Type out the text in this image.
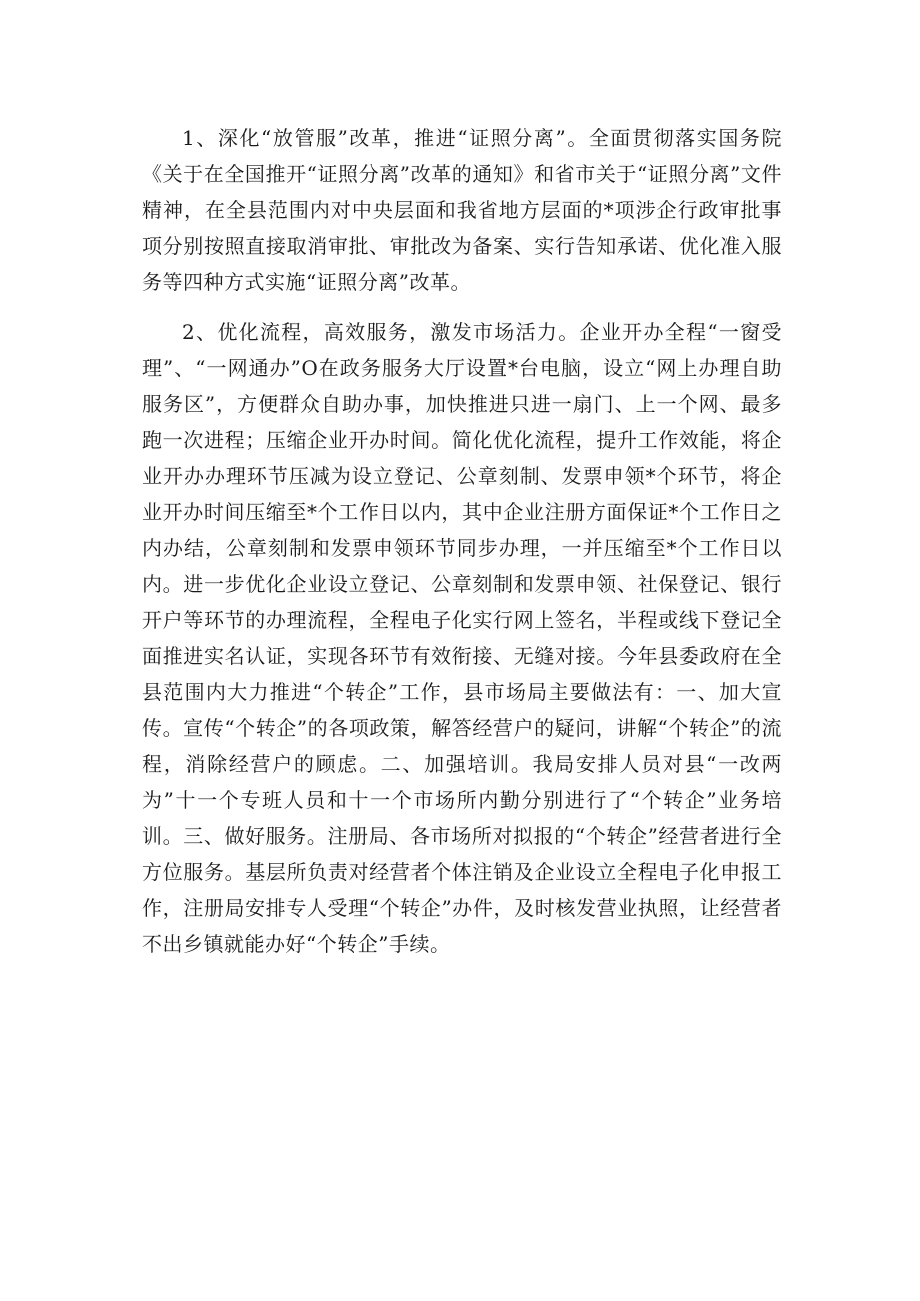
1、深化“放管服”改革，推进“证照分离”。全面贯彻落实国务院《关于在全国推开“证照分离”改革的通知》和省市关于“证照分离”文件精神，在全县范围内对中央层面和我省地方层面的*项涉企行政审批事项分别按照直接取消审批、审批改为备案、实行告知承诺、优化准入服务等四种方式实施“证照分离”改革。

2、优化流程，高效服务，激发市场活力。企业开办全程“一窗受理”、“一网通办”O在政务服务大厅设置*台电脑，设立“网上办理自助服务区”，方便群众自助办事，加快推进只进一扇门、上一个网、最多跑一次进程；压缩企业开办时间。简化优化流程，提升工作效能，将企业开办办理环节压减为设立登记、公章刻制、发票申领*个环节，将企业开办时间压缩至*个工作日以内，其中企业注册方面保证*个工作日之内办结，公章刻制和发票申领环节同步办理，一并压缩至*个工作日以内。进一步优化企业设立登记、公章刻制和发票申领、社保登记、银行开户等环节的办理流程，全程电子化实行网上签名，半程或线下登记全面推进实名认证，实现各环节有效衔接、无缝对接。今年县委政府在全县范围内大力推进“个转企”工作，县市场局主要做法有：一、加大宣传。宣传“个转企”的各项政策，解答经营户的疑问，讲解“个转企”的流程，消除经营户的顾虑。二、加强培训。我局安排人员对县“一改两为”十一个专班人员和十一个市场所内勤分别进行了“个转企”业务培训。三、做好服务。注册局、各市场所对拟报的“个转企”经营者进行全方位服务。基层所负责对经营者个体注销及企业设立全程电子化申报工作，注册局安排专人受理“个转企”办件，及时核发营业执照，让经营者不出乡镇就能办好“个转企”手续。
